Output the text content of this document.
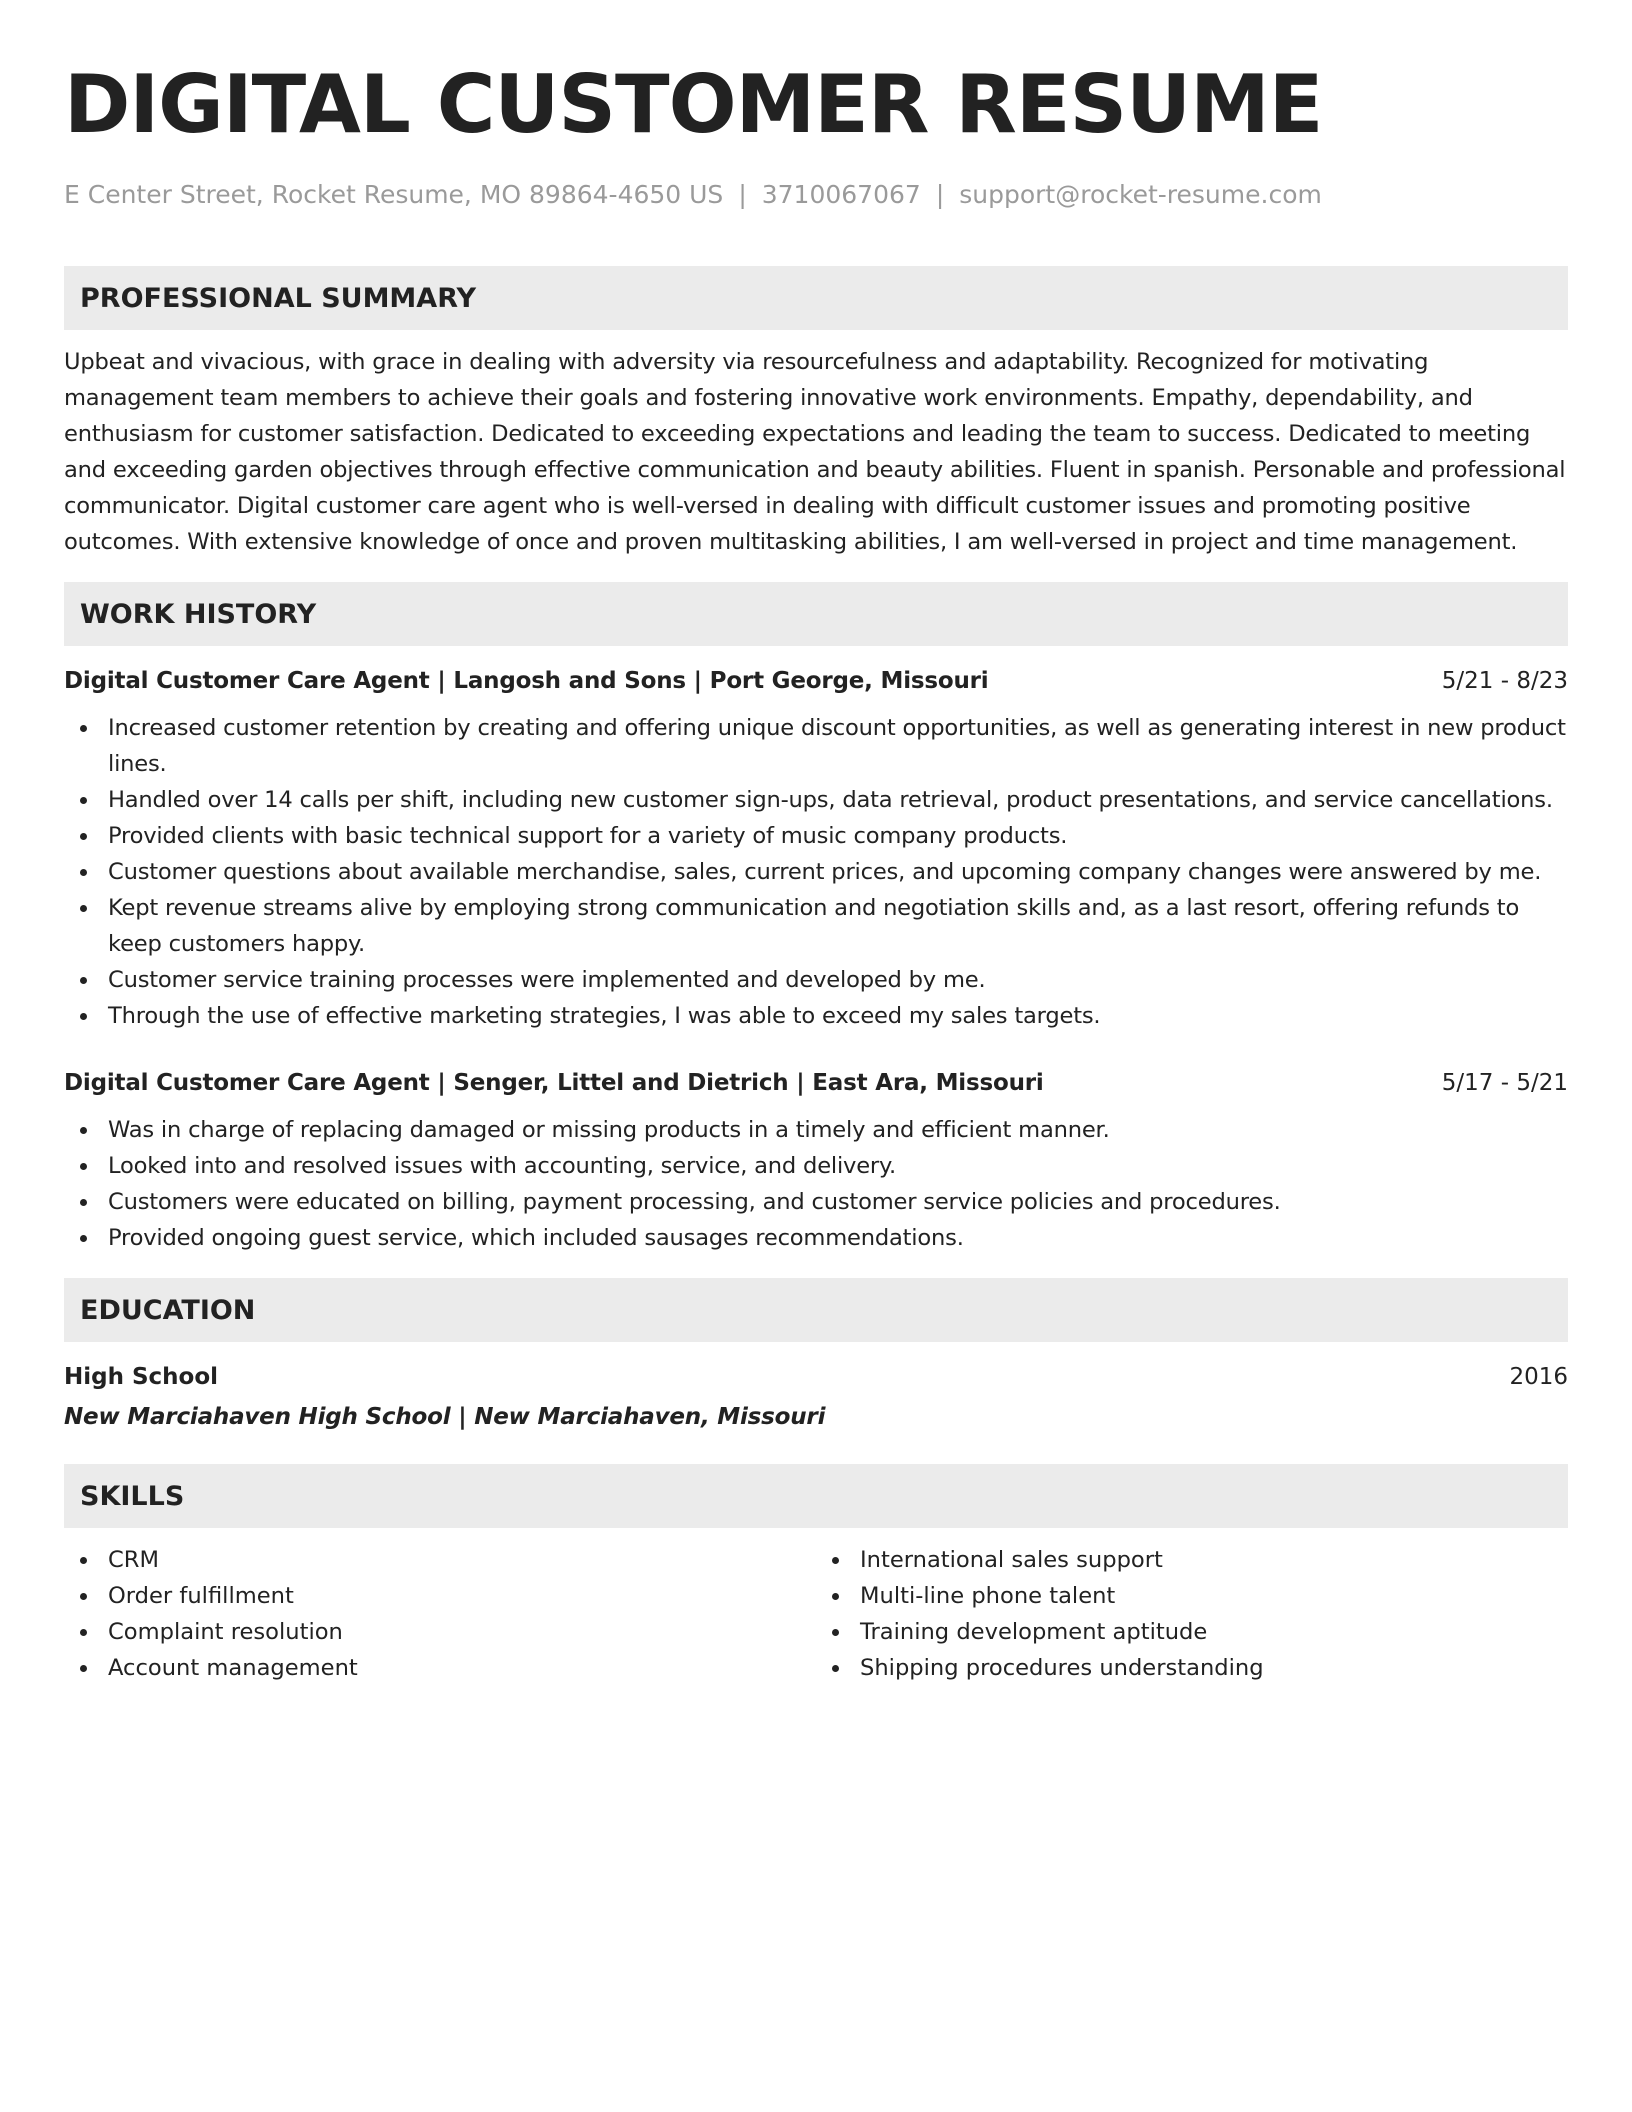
DIGITAL CUSTOMER RESUME
E Center Street, Rocket Resume, MO 89864-4650 US | 3710067067 | support@rocket-resume.com
PROFESSIONAL SUMMARY

Upbeat and vivacious, with grace in dealing with adversity via resourcefulness and adaptability. Recognized for motivating management team members to achieve their goals and fostering innovative work environments. Empathy, dependability, and enthusiasm for customer satisfaction. Dedicated to exceeding expectations and leading the team to success. Dedicated to meeting and exceeding garden objectives through effective communication and beauty abilities. Fluent in spanish. Personable and professional communicator. Digital customer care agent who is well-versed in dealing with difficult customer issues and promoting positive outcomes. With extensive knowledge of once and proven multitasking abilities, I am well-versed in project and time management.

WORK HISTORY
Digital Customer Care Agent | Langosh and Sons | Port George, Missouri	5/21 - 8/23
Increased customer retention by creating and offering unique discount opportunities, as well as generating interest in new product lines.
Handled over 14 calls per shift, including new customer sign-ups, data retrieval, product presentations, and service cancellations.
Provided clients with basic technical support for a variety of music company products.
Customer questions about available merchandise, sales, current prices, and upcoming company changes were answered by me.
Kept revenue streams alive by employing strong communication and negotiation skills and, as a last resort, offering refunds to keep customers happy.
Customer service training processes were implemented and developed by me.
Through the use of effective marketing strategies, I was able to exceed my sales targets.
Digital Customer Care Agent | Senger, Littel and Dietrich | East Ara, Missouri	5/17 - 5/21
Was in charge of replacing damaged or missing products in a timely and efficient manner.
Looked into and resolved issues with accounting, service, and delivery.
Customers were educated on billing, payment processing, and customer service policies and procedures.
Provided ongoing guest service, which included sausages recommendations.
EDUCATION
High School	2016
New Marciahaven High School | New Marciahaven, Missouri
SKILLS
CRM
Order fulfillment
Complaint resolution
Account management
International sales support
Multi-line phone talent
Training development aptitude
Shipping procedures understanding
